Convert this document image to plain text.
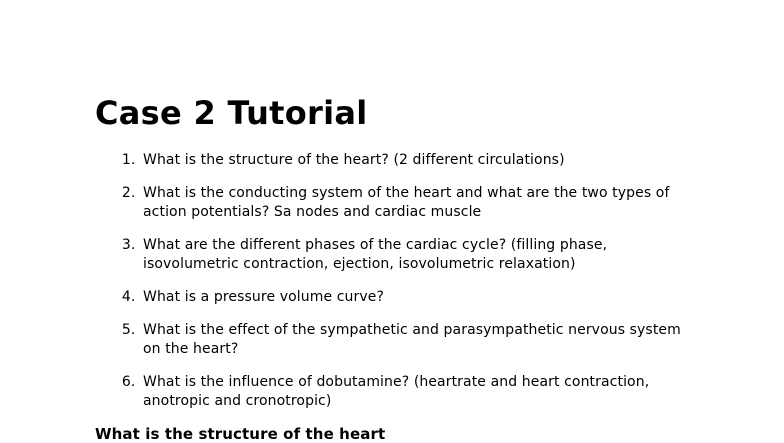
Case 2 Tutorial
1. What is the structure of the heart? (2 different circulations)
2. What is the conducting system of the heart and what are the two types of action potentials? Sa nodes and cardiac muscle
3. What are the different phases of the cardiac cycle? (filling phase, isovolumetric contraction, ejection, isovolumetric relaxation)
4. What is a pressure volume curve?
5. What is the effect of the sympathetic and parasympathetic nervous system on the heart?
6. What is the influence of dobutamine? (heartrate and heart contraction, anotropic and cronotropic)
What is the structure of the heart
